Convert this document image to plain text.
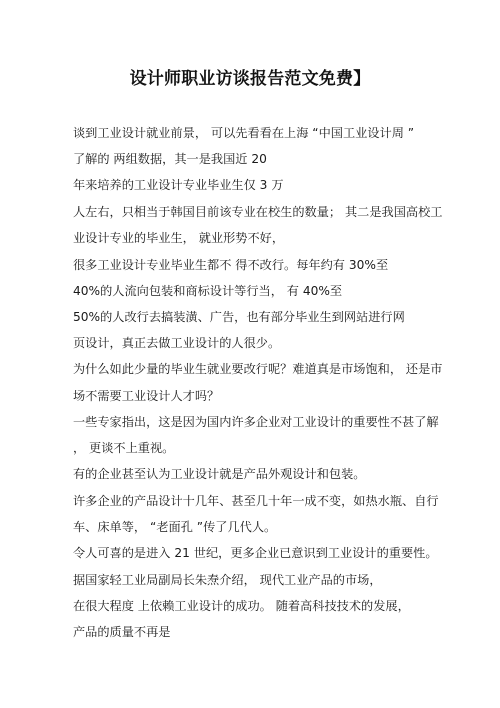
设计师职业访谈报告范文免费】
谈到工业设计就业前景， 可以先看看在上海 “中国工业设计周 ”
了解的 两组数据，其一是我国近 20
年来培养的工业设计专业毕业生仅 3 万
人左右，只相当于韩国目前该专业在校生的数量； 其二是我国高校工
业设计专业的毕业生， 就业形势不好，
很多工业设计专业毕业生都不 得不改行。每年约有 30%至
40%的人流向包装和商标设计等行当， 有 40%至
50%的人改行去搞装潢、广告，也有部分毕业生到网站进行网
页设计，真正去做工业设计的人很少。
为什么如此少量的毕业生就业要改行呢？难道真是市场饱和， 还是市
场不需要工业设计人才吗？
一些专家指出，这是因为国内许多企业对工业设计的重要性不甚了解
， 更谈不上重视。
有的企业甚至认为工业设计就是产品外观设计和包装。
许多企业的产品设计十几年、甚至几十年一成不变，如热水瓶、自行
车、床单等， “老面孔 ”传了几代人。
令人可喜的是进入 21 世纪，更多企业已意识到工业设计的重要性。
据国家轻工业局副局长朱焘介绍， 现代工业产品的市场，
在很大程度 上依赖工业设计的成功。 随着高科技技术的发展，
产品的质量不再是
